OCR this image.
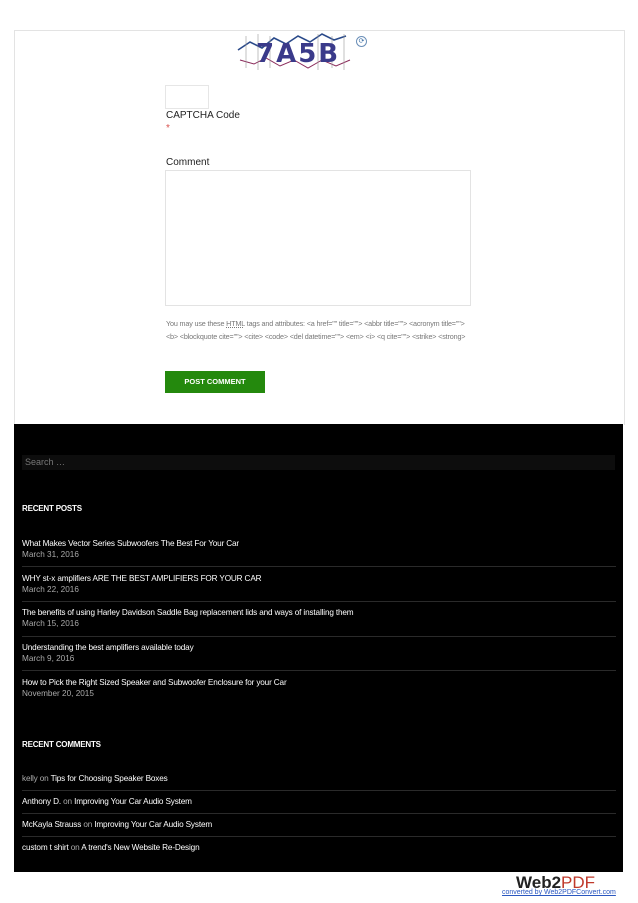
7A5B	⟳
CAPTCHA Code
*
Comment
You may use these HTML tags and attributes: <a href="" title=""> <abbr title=""> <acronym title=""> <b> <blockquote cite=""> <cite> <code> <del datetime=""> <em> <i> <q cite=""> <strike> <strong>
POST COMMENT
Search …
RECENT POSTS
What Makes Vector Series Subwoofers The Best For Your Car
March 31, 2016
WHY st-x amplifiers ARE THE BEST AMPLIFIERS FOR YOUR CAR
March 22, 2016
The benefits of using Harley Davidson Saddle Bag replacement lids and ways of installing them
March 15, 2016
Understanding the best amplifiers available today
March 9, 2016
How to Pick the Right Sized Speaker and Subwoofer Enclosure for your Car
November 20, 2015
RECENT COMMENTS
kelly on Tips for Choosing Speaker Boxes
Anthony D. on Improving Your Car Audio System
McKayla Strauss on Improving Your Car Audio System
custom t shirt on A trend's New Website Re-Design
Web2PDF
converted by Web2PDFConvert.com
